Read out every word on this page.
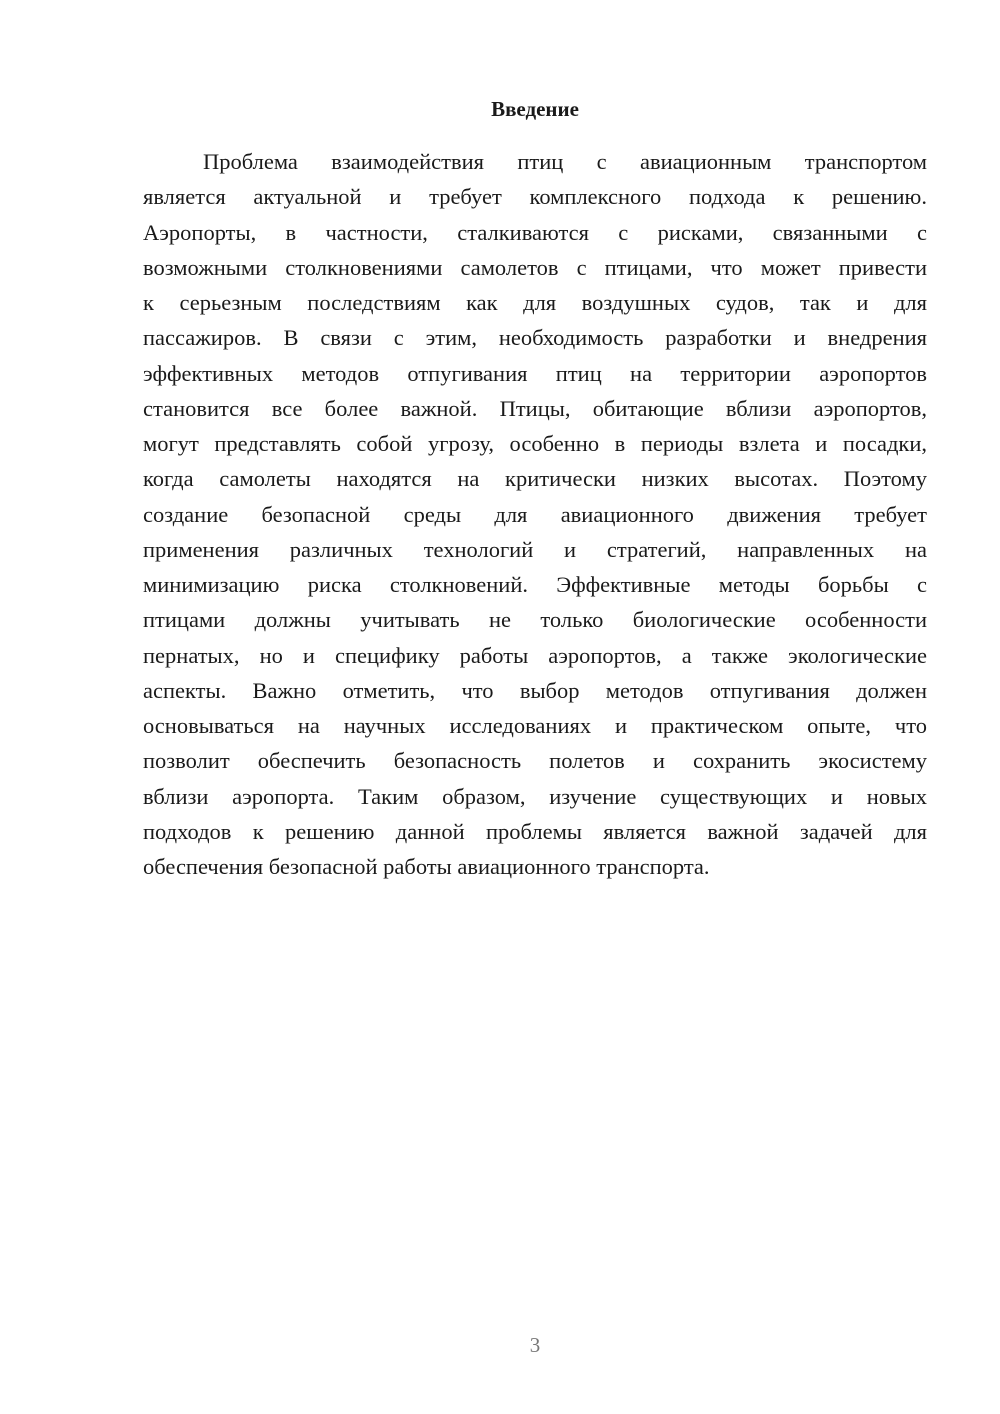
Введение
Проблема взаимодействия птиц с авиационным транспортом
является актуальной и требует комплексного подхода к решению.
Аэропорты, в частности, сталкиваются с рисками, связанными с
возможными столкновениями самолетов с птицами, что может привести
к серьезным последствиям как для воздушных судов, так и для
пассажиров. В связи с этим, необходимость разработки и внедрения
эффективных методов отпугивания птиц на территории аэропортов
становится все более важной. Птицы, обитающие вблизи аэропортов,
могут представлять собой угрозу, особенно в периоды взлета и посадки,
когда самолеты находятся на критически низких высотах. Поэтому
создание безопасной среды для авиационного движения требует
применения различных технологий и стратегий, направленных на
минимизацию риска столкновений. Эффективные методы борьбы с
птицами должны учитывать не только биологические особенности
пернатых, но и специфику работы аэропортов, а также экологические
аспекты. Важно отметить, что выбор методов отпугивания должен
основываться на научных исследованиях и практическом опыте, что
позволит обеспечить безопасность полетов и сохранить экосистему
вблизи аэропорта. Таким образом, изучение существующих и новых
подходов к решению данной проблемы является важной задачей для
обеспечения безопасной работы авиационного транспорта.
3
